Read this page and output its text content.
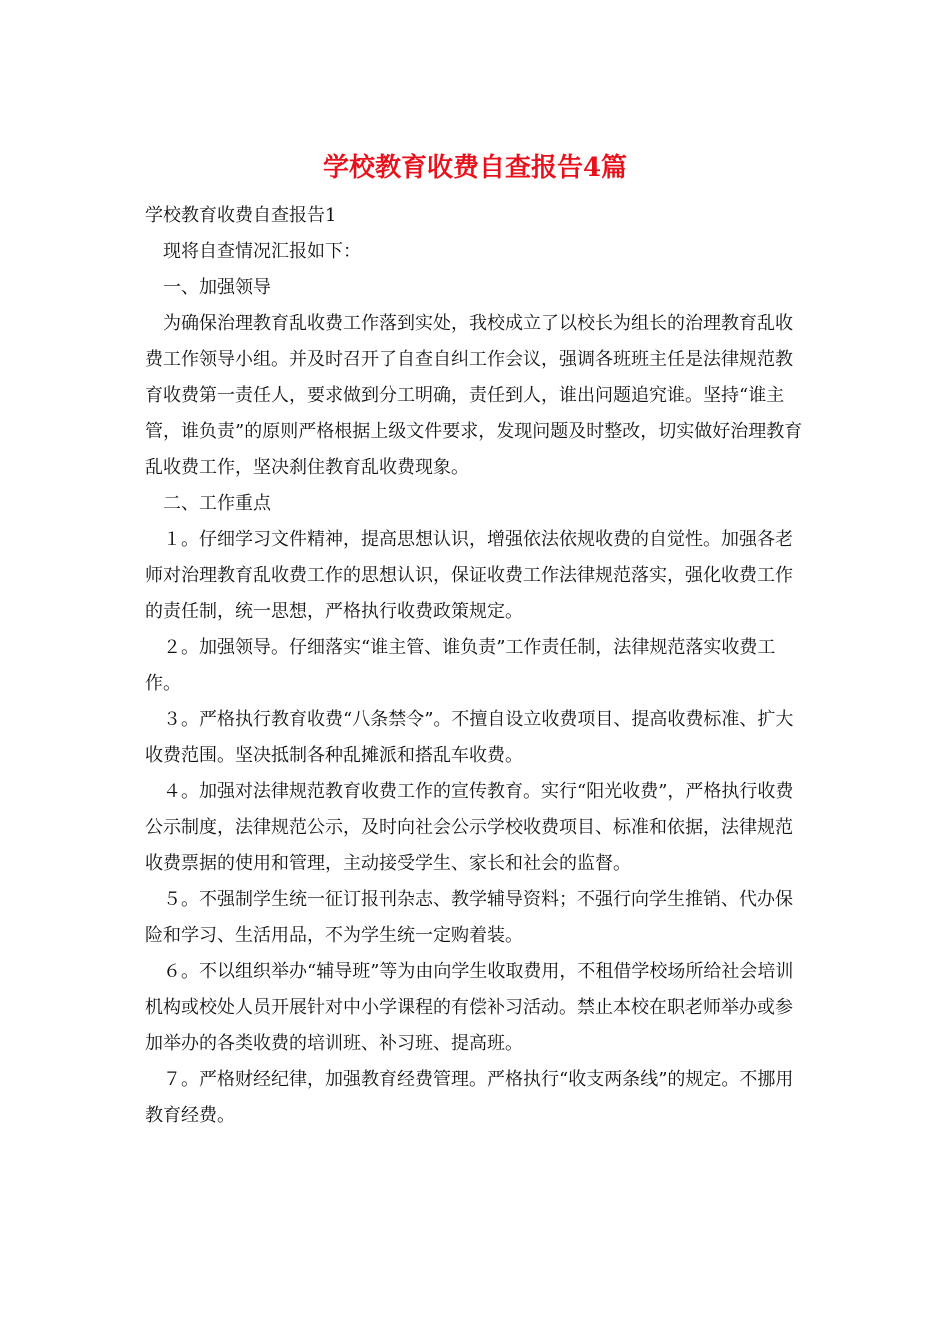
学校教育收费自查报告4篇

学校教育收费自查报告1

现将自查情况汇报如下：

一、加强领导

为确保治理教育乱收费工作落到实处，我校成立了以校长为组长的治理教育乱收费工作领导小组。并及时召开了自查自纠工作会议，强调各班班主任是法律规范教育收费第一责任人，要求做到分工明确，责任到人，谁出问题追究谁。坚持“谁主管，谁负责”的原则严格根据上级文件要求，发现问题及时整改，切实做好治理教育乱收费工作，坚决刹住教育乱收费现象。

二、工作重点

１。仔细学习文件精神，提高思想认识，增强依法依规收费的自觉性。加强各老师对治理教育乱收费工作的思想认识，保证收费工作法律规范落实，强化收费工作的责任制，统一思想，严格执行收费政策规定。

２。加强领导。仔细落实“谁主管、谁负责”工作责任制，法律规范落实收费工作。

３。严格执行教育收费“八条禁令”。不擅自设立收费项目、提高收费标准、扩大收费范围。坚决抵制各种乱摊派和搭乱车收费。

４。加强对法律规范教育收费工作的宣传教育。实行“阳光收费”，严格执行收费公示制度，法律规范公示，及时向社会公示学校收费项目、标准和依据，法律规范收费票据的使用和管理，主动接受学生、家长和社会的监督。

５。不强制学生统一征订报刊杂志、教学辅导资料；不强行向学生推销、代办保险和学习、生活用品，不为学生统一定购着装。

６。不以组织举办“辅导班”等为由向学生收取费用，不租借学校场所给社会培训机构或校处人员开展针对中小学课程的有偿补习活动。禁止本校在职老师举办或参加举办的各类收费的培训班、补习班、提高班。

７。严格财经纪律，加强教育经费管理。严格执行“收支两条线”的规定。不挪用教育经费。
